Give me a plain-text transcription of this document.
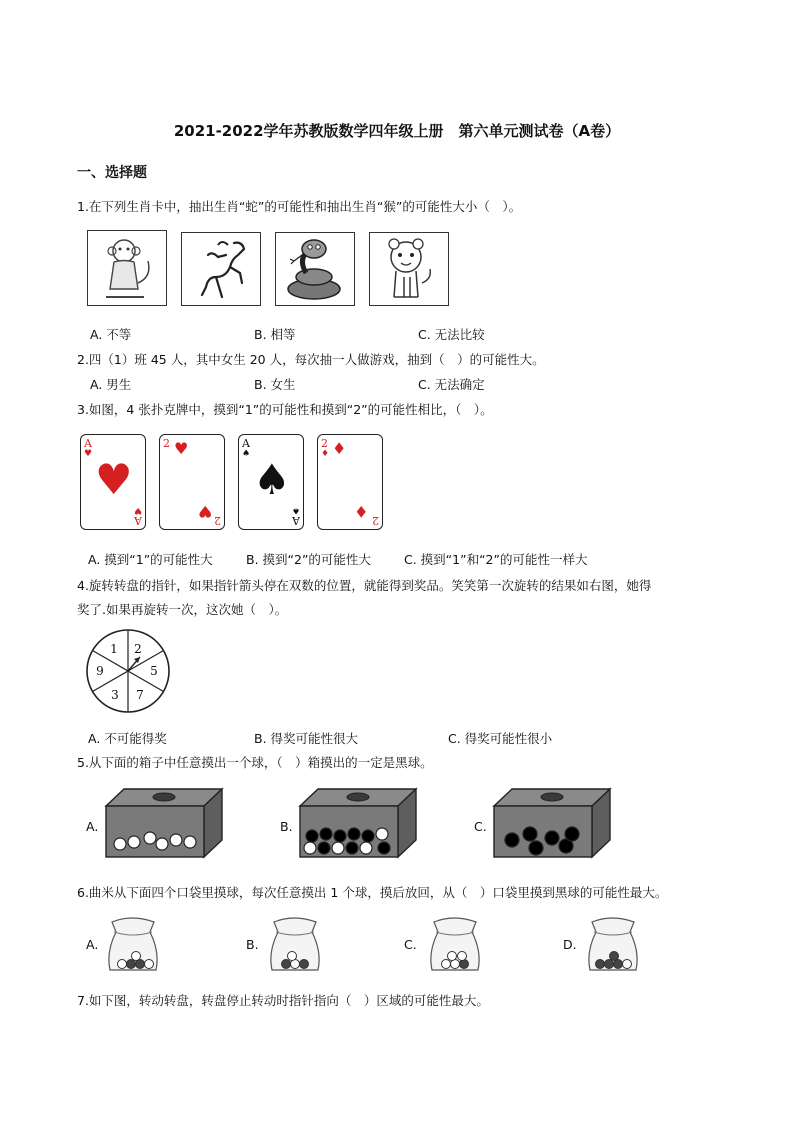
2021-2022学年苏教版数学四年级上册　第六单元测试卷（A卷）
一、选择题
1.在下列生肖卡中，抽出生肖“蛇”的可能性和抽出生肖“猴”的可能性大小（　）。
A. 不等	B. 相等	C. 无法比较
2.四（1）班 45 人，其中女生 20 人，每次抽一人做游戏，抽到（　）的可能性大。
A. 男生	B. 女生	C. 无法确定
3.如图，4 张扑克牌中，摸到“1”的可能性和摸到“2”的可能性相比，（　）。
A
♥
♥
♥
A
2 ♥
♥ 2
A
♠
♠
♠
A
2
♦ ♦
♦ 2
A. 摸到“1”的可能性大	B. 摸到“2”的可能性大	C. 摸到“1”和“2”的可能性一样大
4.旋转转盘的指针，如果指针箭头停在双数的位置，就能得到奖品。笑笑第一次旋转的结果如右图，她得
奖了.如果再旋转一次，这次她（　）。
1 2
5
7
3
9
A. 不可能得奖	B. 得奖可能性很大	C. 得奖可能性很小
5.从下面的箱子中任意摸出一个球，（　）箱摸出的一定是黑球。
A.	B.	C.
6.曲米从下面四个口袋里摸球，每次任意摸出 1 个球，摸后放回，从（　）口袋里摸到黑球的可能性最大。
A.	B.	C.	D.
7.如下图，转动转盘，转盘停止转动时指针指向（　）区域的可能性最大。
